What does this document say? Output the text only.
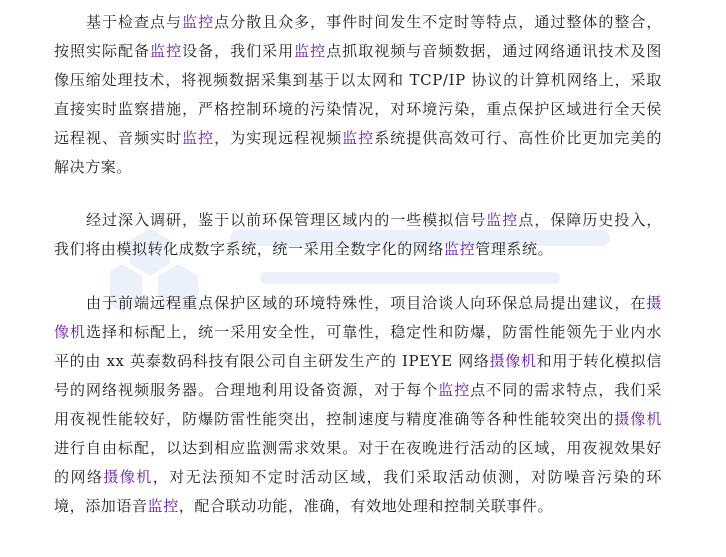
基于检查点与监控点分散且众多，事件时间发生不定时等特点，通过整体的整合，按照实际配备监控设备，我们采用监控点抓取视频与音频数据，通过网络通讯技术及图像压缩处理技术，将视频数据采集到基于以太网和 TCP/IP 协议的计算机网络上，采取直接实时监察措施，严格控制环境的污染情况，对环境污染，重点保护区域进行全天侯远程视、音频实时监控，为实现远程视频监控系统提供高效可行、高性价比更加完美的解决方案。

经过深入调研，鉴于以前环保管理区域内的一些模拟信号监控点，保障历史投入，我们将由模拟转化成数字系统，统一采用全数字化的网络监控管理系统。

由于前端远程重点保护区域的环境特殊性，项目洽谈人向环保总局提出建议，在摄像机选择和标配上，统一采用安全性，可靠性，稳定性和防爆，防雷性能领先于业内水平的由 xx 英泰数码科技有限公司自主研发生产的 IPEYE 网络摄像机和用于转化模拟信号的网络视频服务器。合理地利用设备资源，对于每个监控点不同的需求特点，我们采用夜视性能较好，防爆防雷性能突出，控制速度与精度准确等各种性能较突出的摄像机进行自由标配，以达到相应监测需求效果。对于在夜晚进行活动的区域，用夜视效果好的网络摄像机，对无法预知不定时活动区域，我们采取活动侦测，对防噪音污染的环境，添加语音监控，配合联动功能，准确，有效地处理和控制关联事件。
